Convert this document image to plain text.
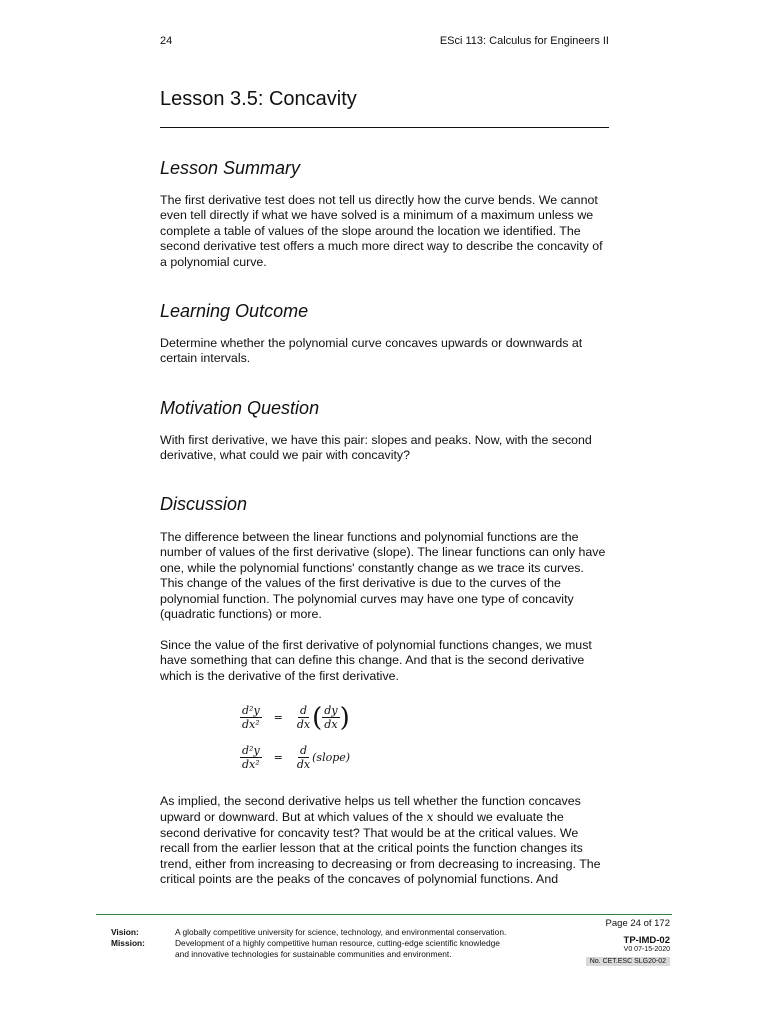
24	ESci 113: Calculus for Engineers II
Lesson 3.5: Concavity
Lesson Summary

The first derivative test does not tell us directly how the curve bends. We cannot even tell directly if what we have solved is a minimum of a maximum unless we complete a table of values of the slope around the location we identified. The second derivative test offers a much more direct way to describe the concavity of a polynomial curve.

Learning Outcome

Determine whether the polynomial curve concaves upwards or downwards at certain intervals.

Motivation Question

With first derivative, we have this pair: slopes and peaks. Now, with the second derivative, what could we pair with concavity?

Discussion

The difference between the linear functions and polynomial functions are the number of values of the first derivative (slope). The linear functions can only have one, while the polynomial functions' constantly change as we trace its curves. This change of the values of the first derivative is due to the curves of the polynomial function. The polynomial curves may have one type of concavity (quadratic functions) or more.

Since the value of the first derivative of polynomial functions changes, we must have something that can define this change. And that is the second derivative which is the derivative of the first derivative.

$\frac{\text{d²y}}{\text{dx²}} = \frac{d}{dx}$ ( $\frac{dy}{dx}$ )
$\frac{\text{d²y}}{\text{dx²}} = \frac{d}{dx}$ (slope)

As implied, the second derivative helps us tell whether the function concaves upward or downward. But at which values of the x should we evaluate the second derivative for concavity test? That would be at the critical values. We recall from the earlier lesson that at the critical points the function changes its trend, either from increasing to decreasing or from decreasing to increasing. The critical points are the peaks of the concaves of polynomial functions. And

Vision:	A globally competitive university for science, technology, and environmental conservation.
Mission:	Development of a highly competitive human resource, cutting-edge scientific knowledge
and innovative technologies for sustainable communities and environment.
Page 24 of 172
TP-IMD-02
V0 07-15-2020
No. CET.ESC SLG20-02
